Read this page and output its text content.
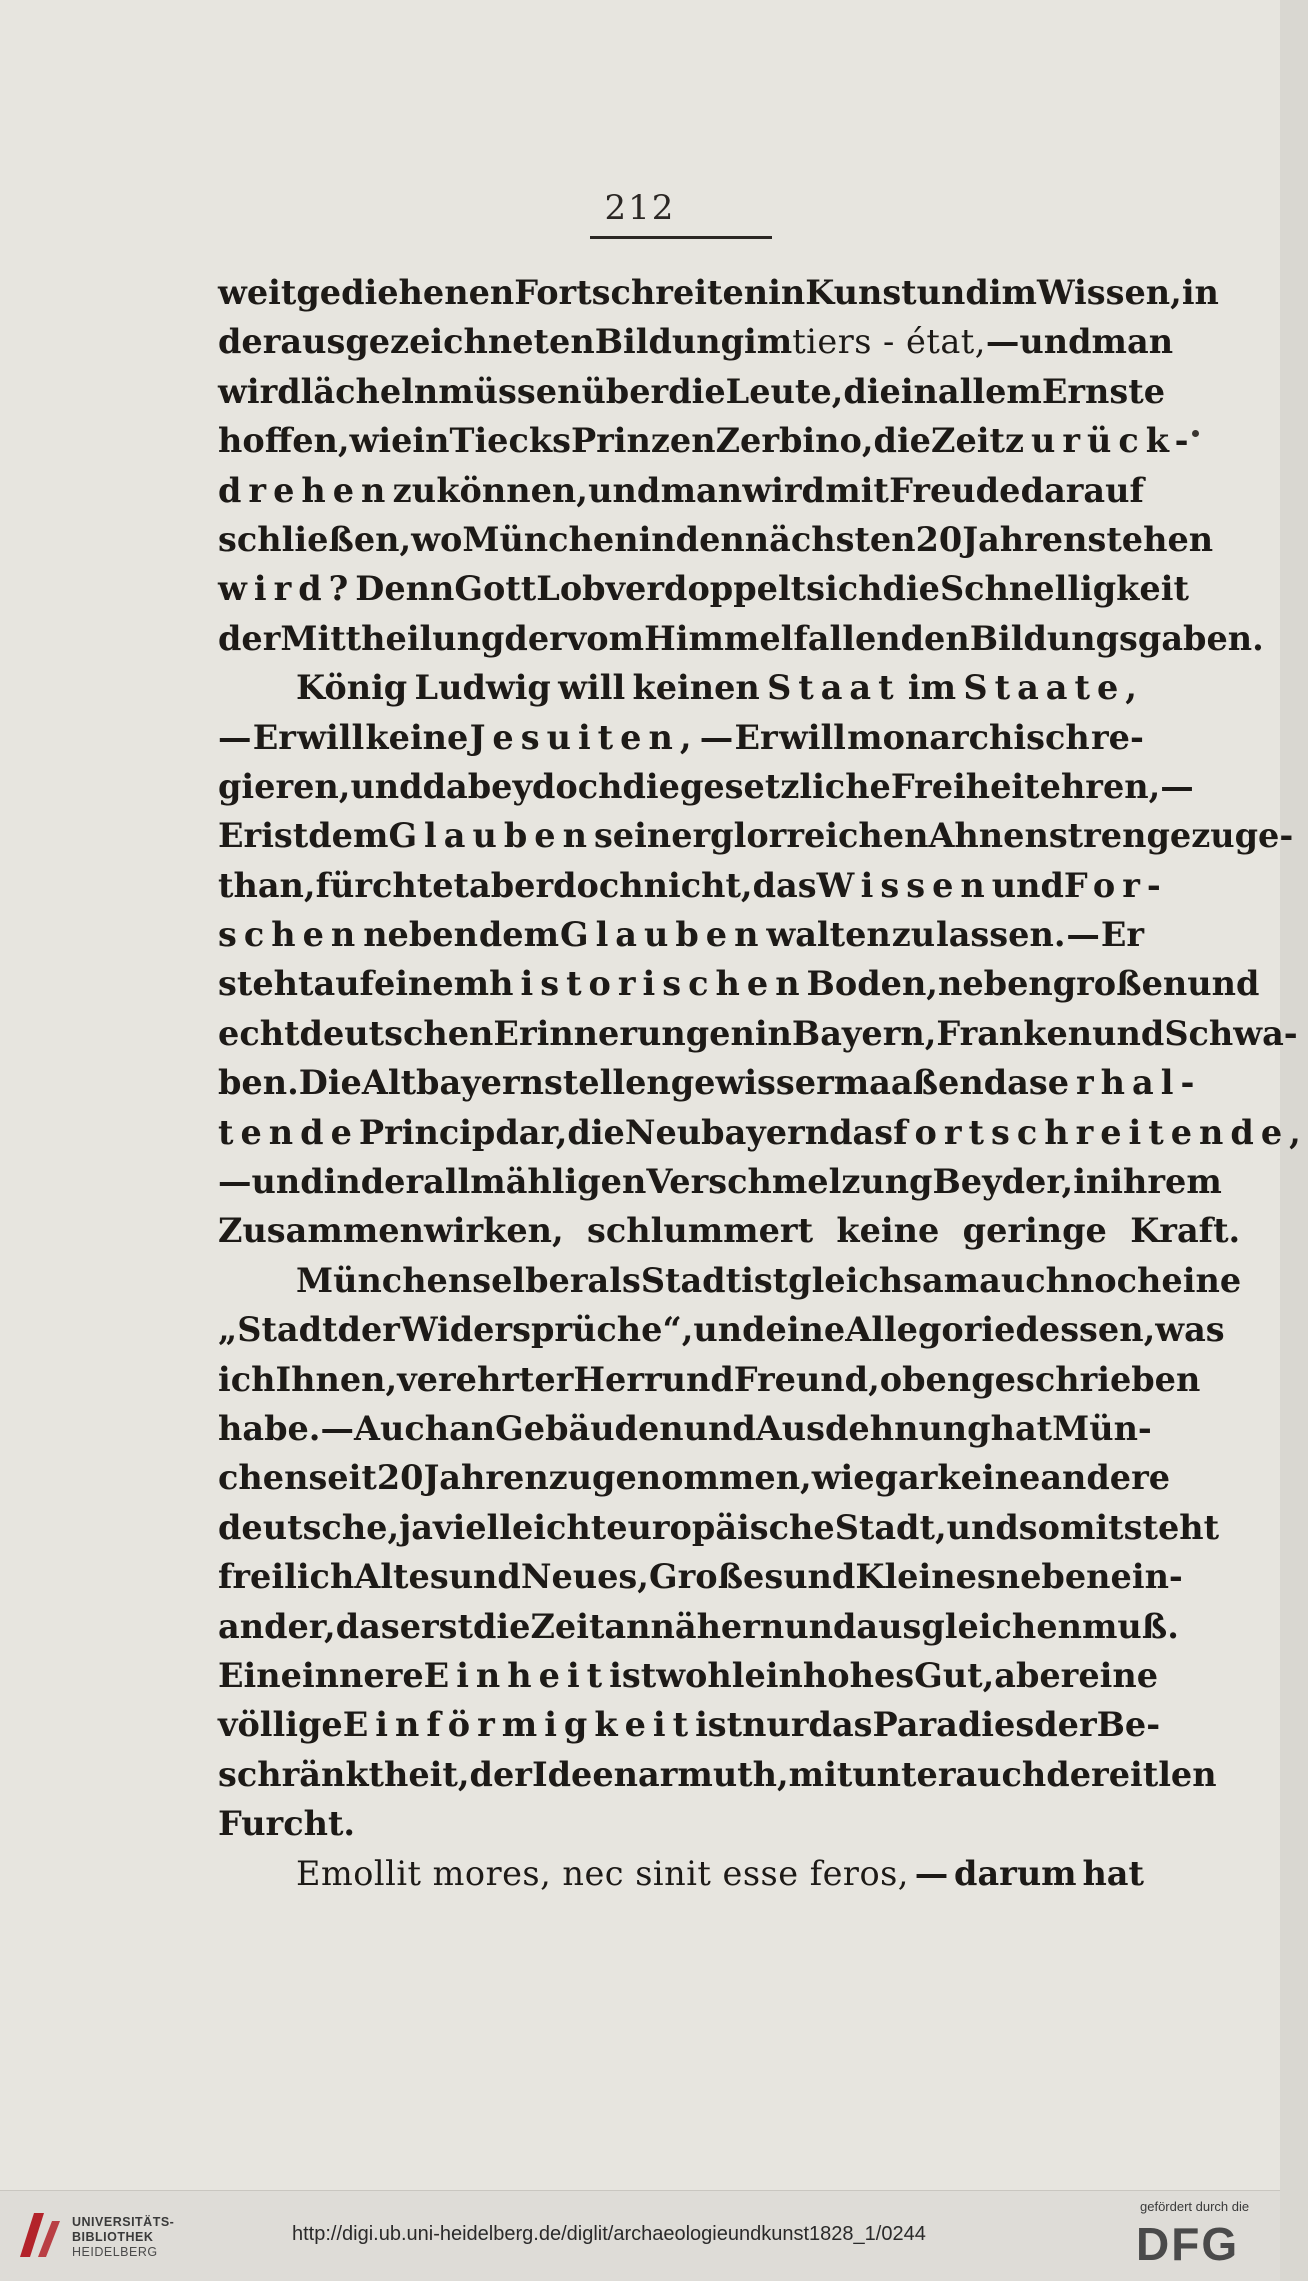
212
weit gediehenen Fortschreiten in Kunst und im Wissen, in
der ausgezeichneten Bildung im tiers - état, — und man
wird lächeln müssen über die Leute, die in allem Ernste
hoffen, wie in Tiecks Prinzen Zerbino, die Zeit zurück-
drehen zu können, und man wird mit Freude darauf
schließen, wo München in den nächsten 20 Jahren stehen
wird? Denn Gott Lob verdoppelt sich die Schnelligkeit
der Mittheilung der vom Himmel fallenden Bildungsgaben.
König Ludwig will keinen Staat im Staate,
— Er will keine Jesuiten, — Er will monarchisch re-
gieren, und dabey doch die gesetzliche Freiheit ehren, —
Er ist dem Glauben seiner glorreichen Ahnen strenge zuge-
than, fürchtet aber doch nicht, das Wissen und For-
schen neben dem Glauben walten zu lassen. — Er
steht auf einem historischen Boden, neben großen und
echtdeutschen Erinnerungen in Bayern, Franken und Schwa-
ben. Die Altbayern stellen gewissermaaßen das erhal-
tende Princip dar, die Neubayern das fortschreitende,
— und in der allmähligen Verschmelzung Beyder, in ihrem
Zusammenwirken,
schlummert
keine
geringe
Kraft.
München selber als Stadt ist gleichsam auch noch eine
„Stadt der Widersprüche“, und eine Allegorie dessen, was
ich Ihnen, verehrter Herr und Freund, oben geschrieben
habe. — Auch an Gebäuden und Ausdehnung hat Mün-
chen seit 20 Jahren zugenommen, wie gar keine andere
deutsche, ja vielleicht europäische Stadt, und somit steht
freilich Altes und Neues, Großes und Kleines neben ein-
ander, das erst die Zeit annähern und ausgleichen muß.
Eine innere Einheit ist wohl ein hohes Gut, aber eine
völlige Einförmigkeit ist nur das Paradies der Be-
schränktheit, der Ideenarmuth, mitunter auch der eitlen
Furcht.
Emollit mores, nec sinit esse feros, — darum hat
UNIVERSITÄTS-
BIBLIOTHEK
HEIDELBERG
http://digi.ub.uni-heidelberg.de/diglit/archaeologieundkunst1828_1/0244
gefördert durch die
DFG
